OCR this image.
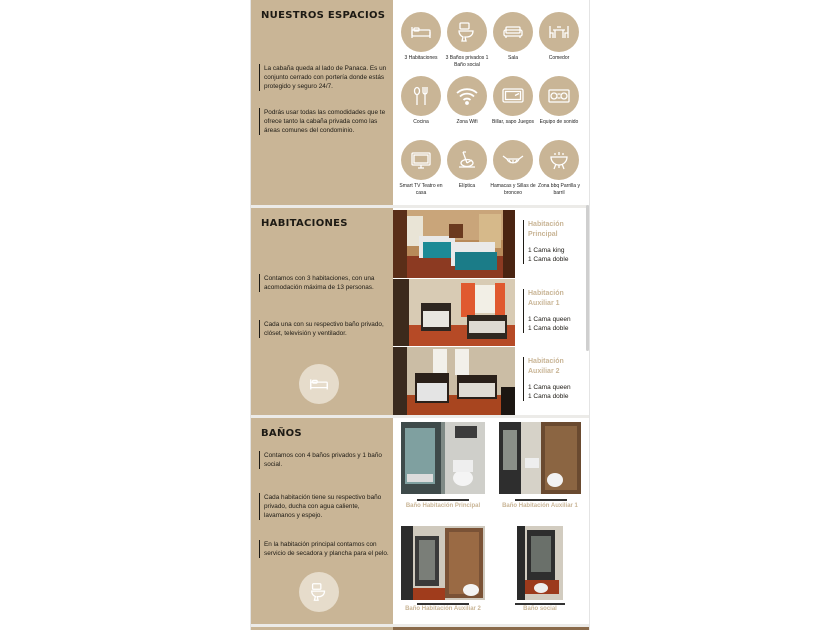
NUESTROS ESPACIOS
La cabaña queda al lado de Panaca. Es un conjunto cerrado con portería donde estás protegido y seguro 24/7.
Podrás usar todas las comodidades que te ofrece tanto la cabaña privada como las áreas comunes del condominio.
3 Habitaciones	3 Baños privados 1 Baño social
Sala	Comedor
Cocina	Zona Wifi	Billar, sapo Juegos	Equipo de sonido
Smart TV Teatro en casa
Elíptica	Hamacas y Sillas de bronceo
Zona bbq Parrilla y barril
HABITACIONES
Contamos con 3 habitaciones, con una acomodación máxima de 13 personas.
Cada una con su respectivo baño privado, clóset, televisión y ventilador.
Habitación Principal
1 Cama king
1 Cama doble
Habitación Auxiliar 1
1 Cama queen
1 Cama doble
Habitación Auxiliar 2
1 Cama queen
1 Cama doble
BAÑOS
Contamos con 4 baños privados y 1 baño social.
Cada habitación tiene su respectivo baño privado, ducha con agua caliente, lavamanos y espejo.
En la habitación principal contamos con servicio de secadora y plancha para el pelo.
Baño Habitación Principal	Baño Habitación Auxiliar 1
Baño Habitación Auxiliar 2	Baño social
